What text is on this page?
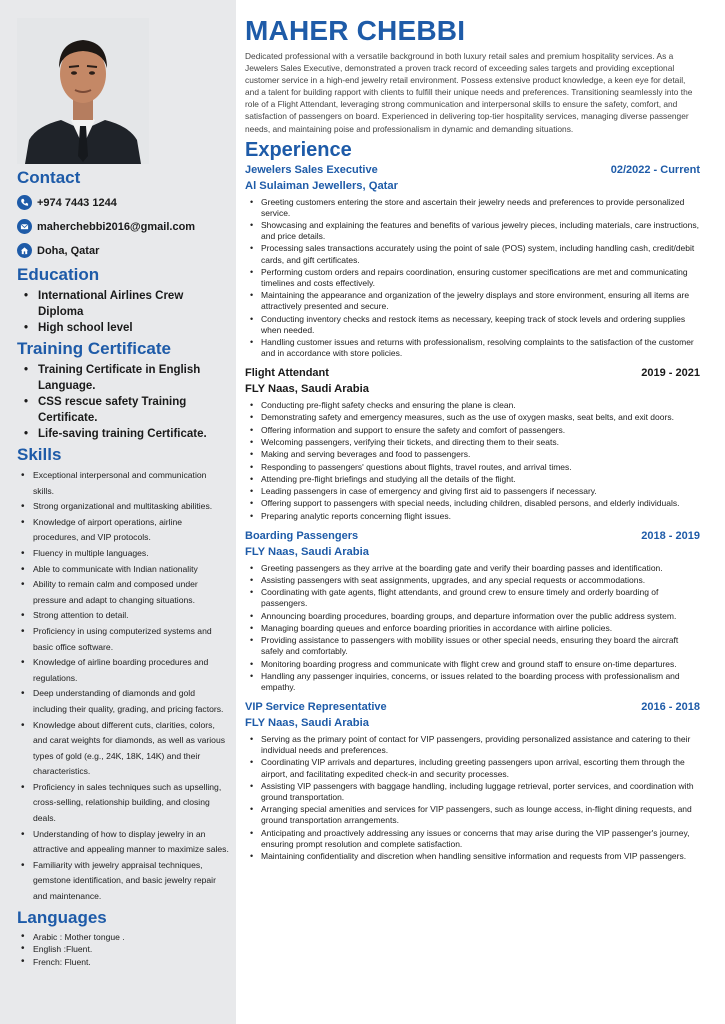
Contact
+974 7443 1244
maherchebbi2016@gmail.com
Doha, Qatar
Education
• International Airlines Crew Diploma
• High school level
Training Certificate
• Training Certificate in English Language.
• CSS rescue safety Training Certificate.
• Life-saving training Certificate.
Skills
• Exceptional interpersonal and communication skills.
• Strong organizational and multitasking abilities.
• Knowledge of airport operations, airline procedures, and VIP protocols.
• Fluency in multiple languages.
• Able to communicate with Indian nationality
• Ability to remain calm and composed under pressure and adapt to changing situations.
• Strong attention to detail.
• Proficiency in using computerized systems and basic office software.
• Knowledge of airline boarding procedures and regulations.
• Deep understanding of diamonds and gold including their quality, grading, and pricing factors.
• Knowledge about different cuts, clarities, colors, and carat weights for diamonds, as well as various types of gold (e.g., 24K, 18K, 14K) and their characteristics.
• Proficiency in sales techniques such as upselling, cross-selling, relationship building, and closing deals.
• Understanding of how to display jewelry in an attractive and appealing manner to maximize sales.
• Familiarity with jewelry appraisal techniques, gemstone identification, and basic jewelry repair and maintenance.
Languages
• Arabic : Mother tongue .
• English :Fluent.
• French: Fluent.
MAHER CHEBBI
Dedicated professional with a versatile background in both luxury retail sales and premium hospitality services. As a Jewelers Sales Executive, demonstrated a proven track record of exceeding sales targets and providing exceptional customer service in a high-end jewelry retail environment. Possess extensive product knowledge, a keen eye for detail, and a talent for building rapport with clients to fulfill their unique needs and preferences. Transitioning seamlessly into the role of a Flight Attendant, leveraging strong communication and interpersonal skills to ensure the safety, comfort, and satisfaction of passengers on board. Experienced in delivering top-tier hospitality services, managing diverse passenger needs, and maintaining poise and professionalism in dynamic and demanding situations.
Experience
Jewelers Sales Executive	02/2022 - Current
Al Sulaiman Jewellers, Qatar
• Greeting customers entering the store and ascertain their jewelry needs and preferences to provide personalized service.
• Showcasing and explaining the features and benefits of various jewelry pieces, including materials, care instructions, and price details.
• Processing sales transactions accurately using the point of sale (POS) system, including handling cash, credit/debit cards, and gift certificates.
• Performing custom orders and repairs coordination, ensuring customer specifications are met and communicating timelines and costs effectively.
• Maintaining the appearance and organization of the jewelry displays and store environment, ensuring all items are attractively presented and secure.
• Conducting inventory checks and restock items as necessary, keeping track of stock levels and ordering supplies when needed.
• Handling customer issues and returns with professionalism, resolving complaints to the satisfaction of the customer and in accordance with store policies.
Flight Attendant	2019 - 2021
FLY Naas, Saudi Arabia
• Conducting pre-flight safety checks and ensuring the plane is clean.
• Demonstrating safety and emergency measures, such as the use of oxygen masks, seat belts, and exit doors.
• Offering information and support to ensure the safety and comfort of passengers.
• Welcoming passengers, verifying their tickets, and directing them to their seats.
• Making and serving beverages and food to passengers.
• Responding to passengers' questions about flights, travel routes, and arrival times.
• Attending pre-flight briefings and studying all the details of the flight.
• Leading passengers in case of emergency and giving first aid to passengers if necessary.
• Offering support to passengers with special needs, including children, disabled persons, and elderly individuals.
• Preparing analytic reports concerning flight issues.
Boarding Passengers	2018 - 2019
FLY Naas, Saudi Arabia
• Greeting passengers as they arrive at the boarding gate and verify their boarding passes and identification.
• Assisting passengers with seat assignments, upgrades, and any special requests or accommodations.
• Coordinating with gate agents, flight attendants, and ground crew to ensure timely and orderly boarding of passengers.
• Announcing boarding procedures, boarding groups, and departure information over the public address system.
• Managing boarding queues and enforce boarding priorities in accordance with airline policies.
• Providing assistance to passengers with mobility issues or other special needs, ensuring they board the aircraft safely and comfortably.
• Monitoring boarding progress and communicate with flight crew and ground staff to ensure on-time departures.
• Handling any passenger inquiries, concerns, or issues related to the boarding process with professionalism and empathy.
VIP Service Representative	2016 - 2018
FLY Naas, Saudi Arabia
• Serving as the primary point of contact for VIP passengers, providing personalized assistance and catering to their individual needs and preferences.
• Coordinating VIP arrivals and departures, including greeting passengers upon arrival, escorting them through the airport, and facilitating expedited check-in and security processes.
• Assisting VIP passengers with baggage handling, including luggage retrieval, porter services, and coordination with ground transportation.
• Arranging special amenities and services for VIP passengers, such as lounge access, in-flight dining requests, and ground transportation arrangements.
• Anticipating and proactively addressing any issues or concerns that may arise during the VIP passenger's journey, ensuring prompt resolution and complete satisfaction.
• Maintaining confidentiality and discretion when handling sensitive information and requests from VIP passengers.
